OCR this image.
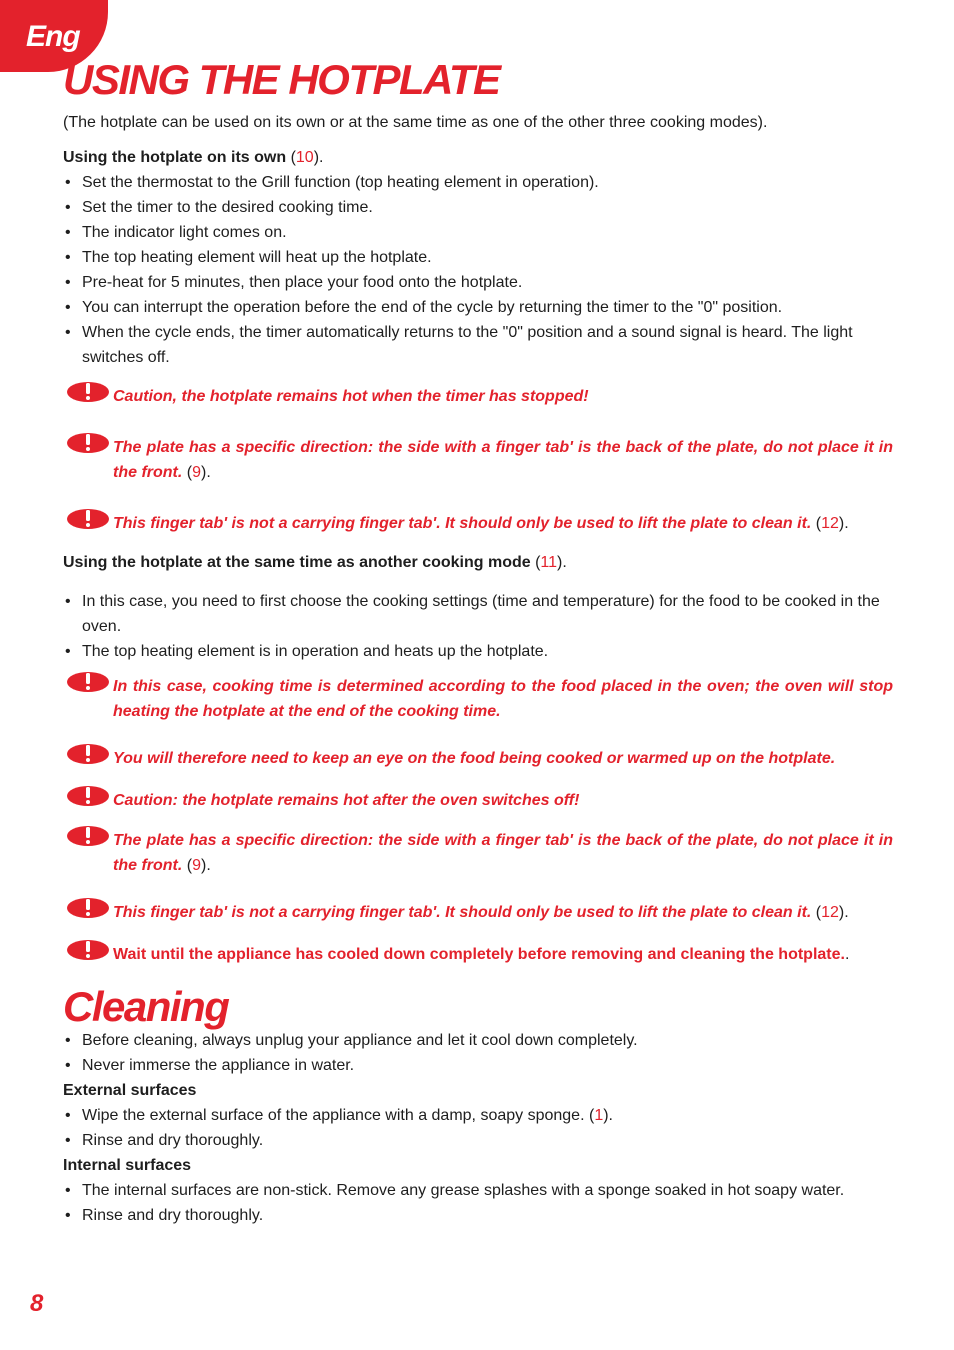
Eng
USING THE HOTPLATE

(The hotplate can be used on its own or at the same time as one of the other three cooking modes).

Using the hotplate on its own (10).

• Set the thermostat to the Grill function (top heating element in operation).
• Set the timer to the desired cooking time.
• The indicator light comes on.
• The top heating element will heat up the hotplate.
• Pre-heat for 5 minutes, then place your food onto the hotplate.
• You can interrupt the operation before the end of the cycle by returning the timer to the "0" position.
• When the cycle ends, the timer automatically returns to the "0" position and a sound signal is heard. The light switches off.
Caution, the hotplate remains hot when the timer has stopped!
The plate has a specific direction: the side with a finger tab' is the back of the plate, do not place it in the front. (9).
This finger tab' is not a carrying finger tab'. It should only be used to lift the plate to clean it. (12).

Using the hotplate at the same time as another cooking mode (11).

• In this case, you need to first choose the cooking settings (time and temperature) for the food to be cooked in the oven.
• The top heating element is in operation and heats up the hotplate.
In this case, cooking time is determined according to the food placed in the oven; the oven will stop heating the hotplate at the end of the cooking time.
You will therefore need to keep an eye on the food being cooked or warmed up on the hotplate.
Caution: the hotplate remains hot after the oven switches off!
The plate has a specific direction: the side with a finger tab' is the back of the plate, do not place it in the front. (9).
This finger tab' is not a carrying finger tab'. It should only be used to lift the plate to clean it. (12).
Wait until the appliance has cooled down completely before removing and cleaning the hotplate..
Cleaning
• Before cleaning, always unplug your appliance and let it cool down completely.
• Never immerse the appliance in water.

External surfaces

• Wipe the external surface of the appliance with a damp, soapy sponge. (1).
• Rinse and dry thoroughly.

Internal surfaces

• The internal surfaces are non-stick. Remove any grease splashes with a sponge soaked in hot soapy water.
• Rinse and dry thoroughly.
8
